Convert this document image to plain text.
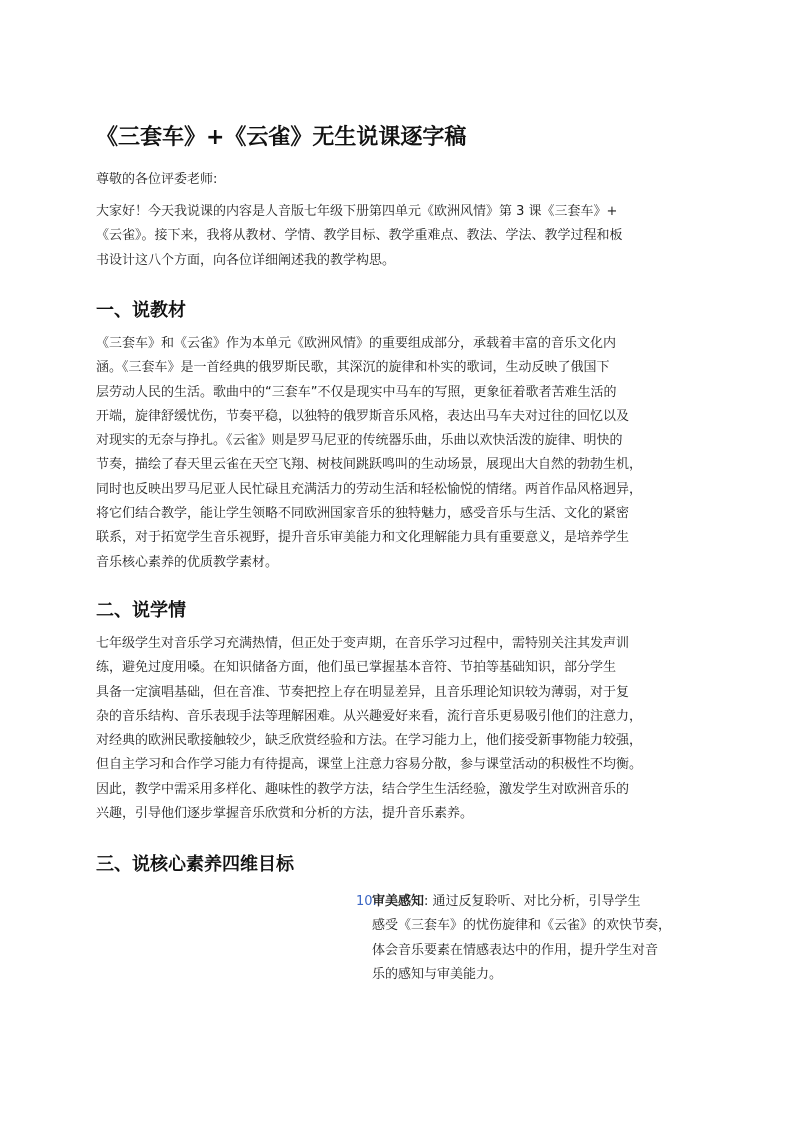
《三套车》+《云雀》无生说课逐字稿

尊敬的各位评委老师:

大家好！今天我说课的内容是人音版七年级下册第四单元《欧洲风情》第 3 课《三套车》+
《云雀》。接下来，我将从教材、学情、教学目标、教学重难点、教法、学法、教学过程和板
书设计这八个方面，向各位详细阐述我的教学构思。

一、说教材

《三套车》和《云雀》作为本单元《欧洲风情》的重要组成部分，承载着丰富的音乐文化内
涵。《三套车》是一首经典的俄罗斯民歌，其深沉的旋律和朴实的歌词，生动反映了俄国下
层劳动人民的生活。歌曲中的“三套车”不仅是现实中马车的写照，更象征着歌者苦难生活的
开端，旋律舒缓忧伤，节奏平稳，以独特的俄罗斯音乐风格，表达出马车夫对过往的回忆以及
对现实的无奈与挣扎。《云雀》则是罗马尼亚的传统器乐曲，乐曲以欢快活泼的旋律、明快的
节奏，描绘了春天里云雀在天空飞翔、树枝间跳跃鸣叫的生动场景，展现出大自然的勃勃生机，
同时也反映出罗马尼亚人民忙碌且充满活力的劳动生活和轻松愉悦的情绪。两首作品风格迥异，
将它们结合教学，能让学生领略不同欧洲国家音乐的独特魅力，感受音乐与生活、文化的紧密
联系，对于拓宽学生音乐视野，提升音乐审美能力和文化理解能力具有重要意义，是培养学生
音乐核心素养的优质教学素材。

二、说学情

七年级学生对音乐学习充满热情，但正处于变声期，在音乐学习过程中，需特别关注其发声训
练，避免过度用嗓。在知识储备方面，他们虽已掌握基本音符、节拍等基础知识，部分学生
具备一定演唱基础，但在音准、节奏把控上存在明显差异，且音乐理论知识较为薄弱，对于复
杂的音乐结构、音乐表现手法等理解困难。从兴趣爱好来看，流行音乐更易吸引他们的注意力，
对经典的欧洲民歌接触较少，缺乏欣赏经验和方法。在学习能力上，他们接受新事物能力较强，
但自主学习和合作学习能力有待提高，课堂上注意力容易分散，参与课堂活动的积极性不均衡。
因此，教学中需采用多样化、趣味性的教学方法，结合学生生活经验，激发学生对欧洲音乐的
兴趣，引导他们逐步掌握音乐欣赏和分析的方法，提升音乐素养。

三、说核心素养四维目标
10.
审美感知: 通过反复聆听、对比分析，引导学生
感受《三套车》的忧伤旋律和《云雀》的欢快节奏，
体会音乐要素在情感表达中的作用，提升学生对音
乐的感知与审美能力。
